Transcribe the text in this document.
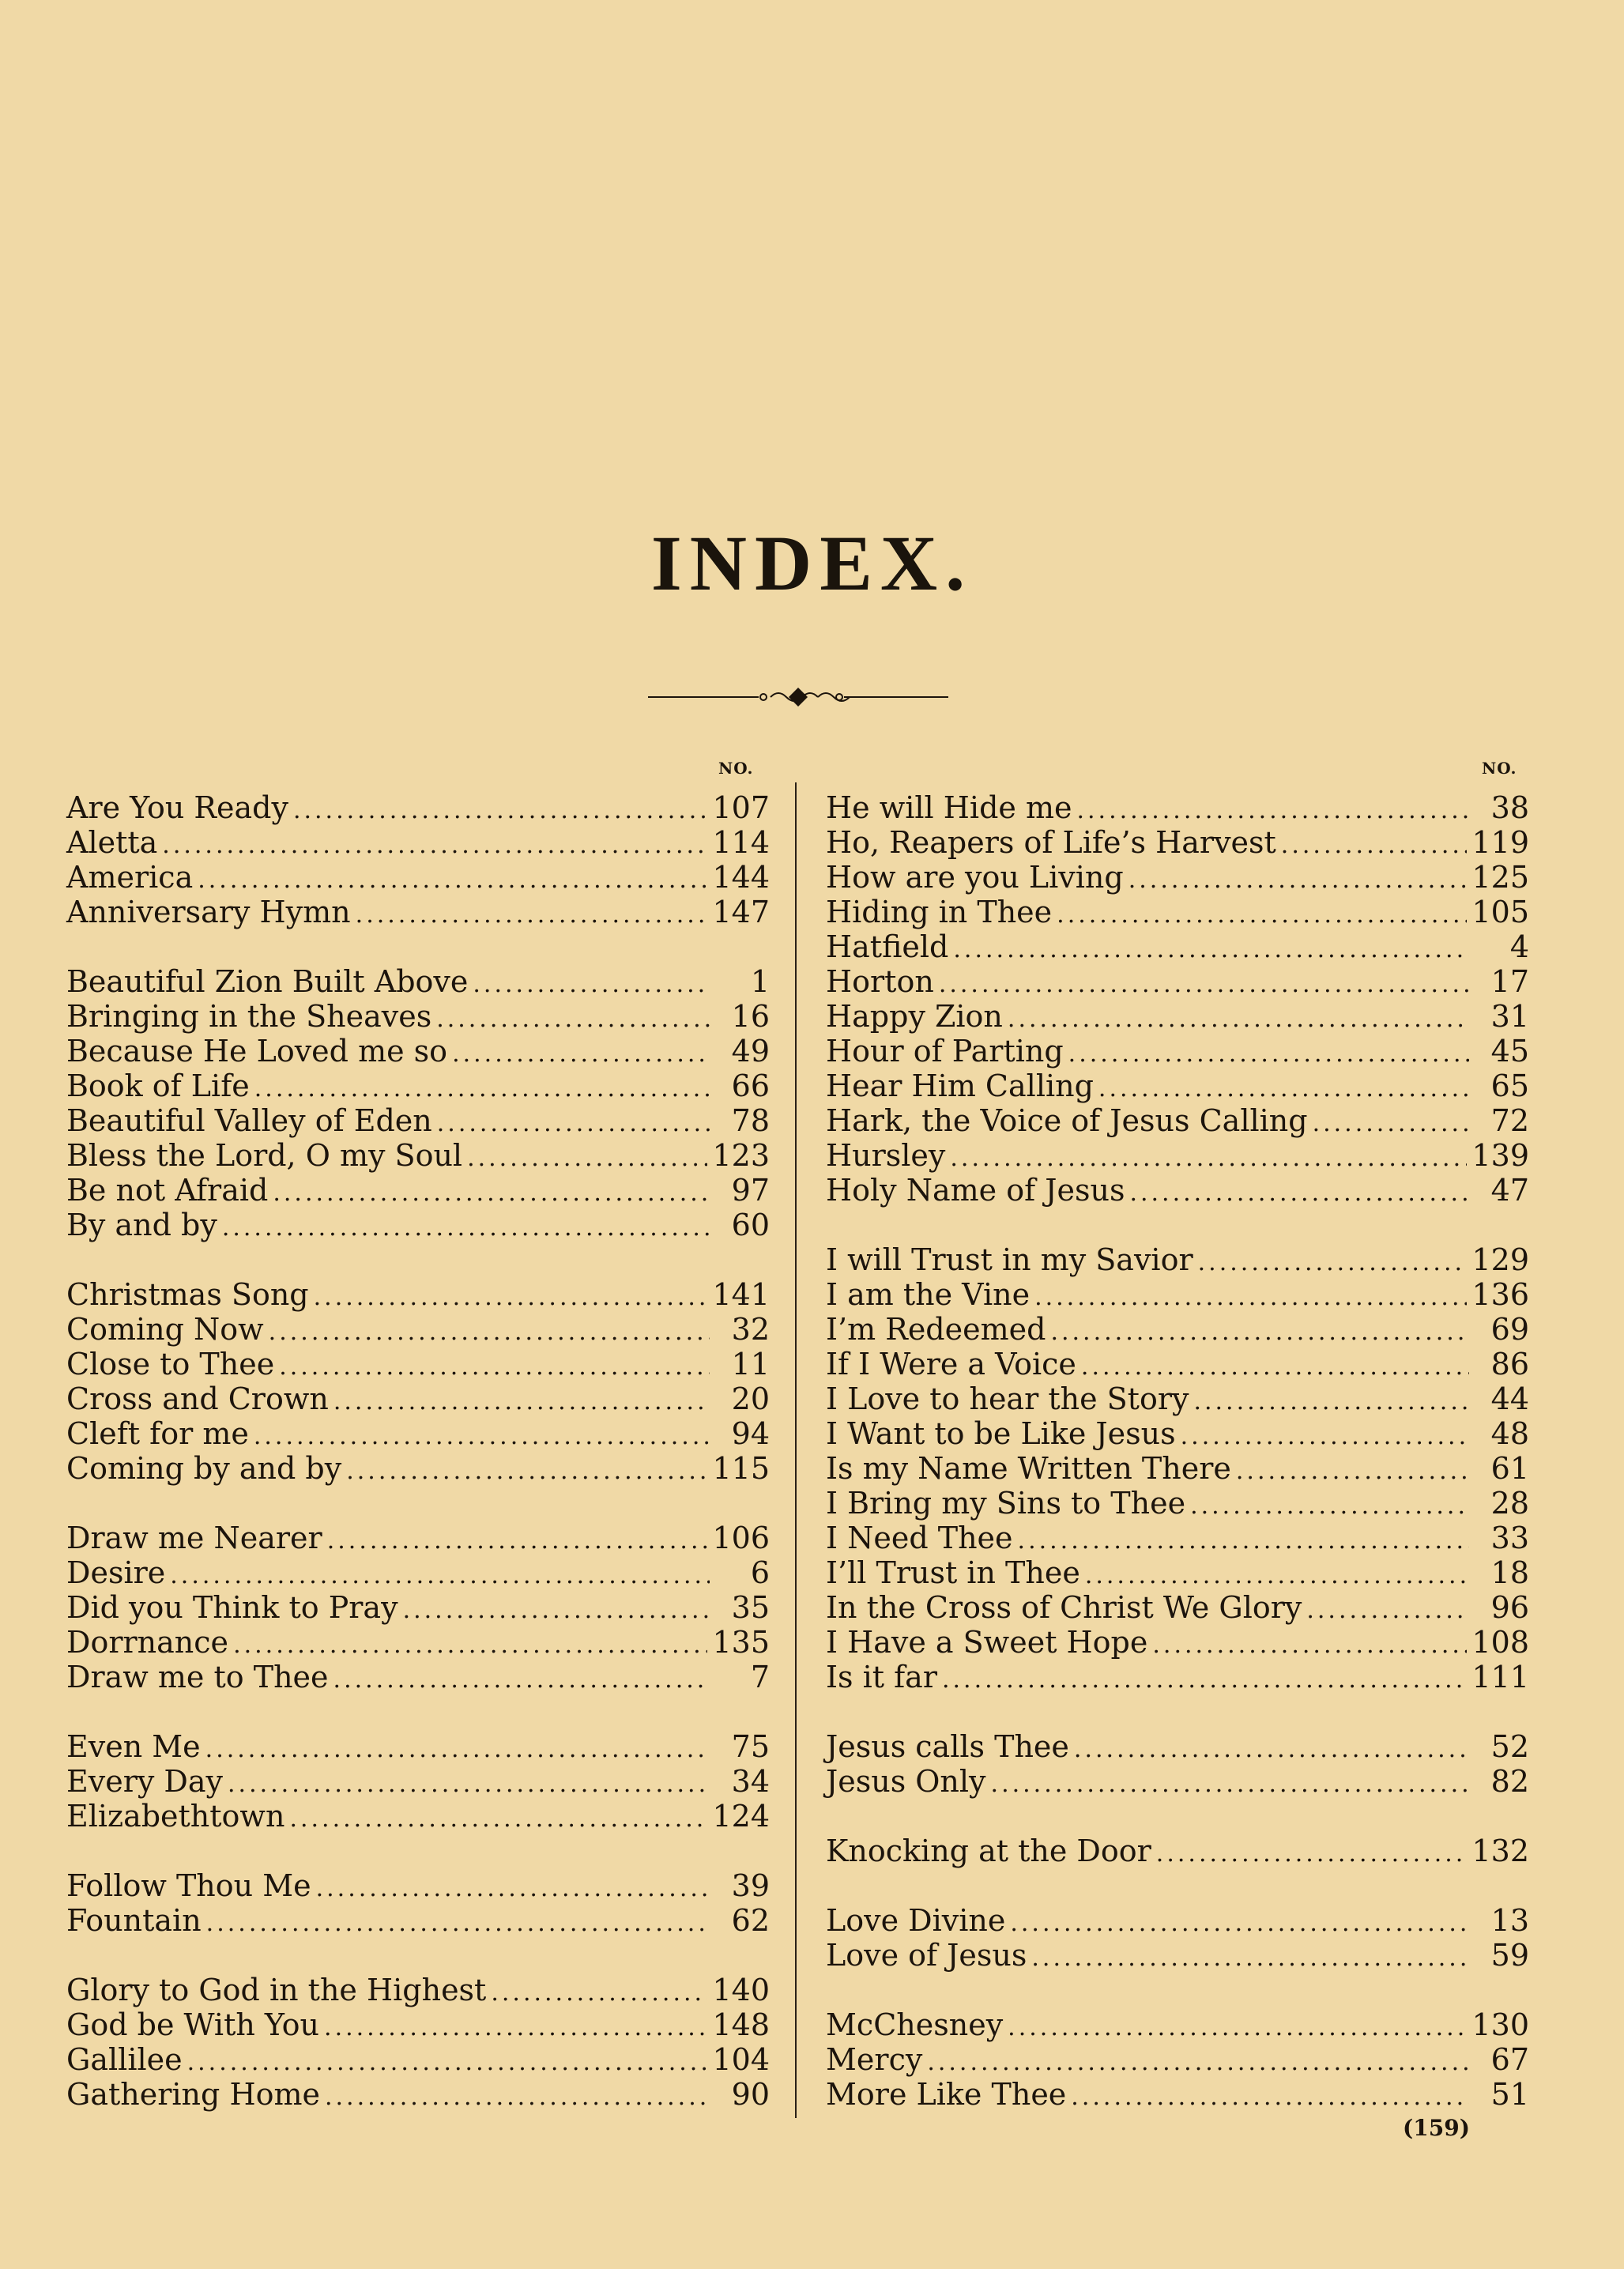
INDEX.
NO.
Are You Ready .....	107
Aletta .....	114
America .....	144
Anniversary Hymn .....	147
Beautiful Zion Built Above .....	1
Bringing in the Sheaves .....	16
Because He Loved me so .....	49
Book of Life .....	66
Beautiful Valley of Eden .....	78
Bless the Lord, O my Soul .....	123
Be not Afraid .....	97
By and by .....	60
Christmas Song .....	141
Coming Now .....	32
Close to Thee .....	11
Cross and Crown .....	20
Cleft for me .....	94
Coming by and by .....	115
Draw me Nearer .....	106
Desire .....	6
Did you Think to Pray .....	35
Dorrnance .....	135
Draw me to Thee .....	7
Even Me .....	75
Every Day .....	34
Elizabethtown .....	124
Follow Thou Me .....	39
Fountain .....	62
Glory to God in the Highest .....	140
God be With You .....	148
Gallilee .....	104
Gathering Home .....	90
NO.
He will Hide me .....	38
Ho, Reapers of Life’s Harvest .....	119
How are you Living .....	125
Hiding in Thee .....	105
Hatfield .....	4
Horton .....	17
Happy Zion .....	31
Hour of Parting .....	45
Hear Him Calling .....	65
Hark, the Voice of Jesus Calling .....	72
Hursley .....	139
Holy Name of Jesus .....	47
I will Trust in my Savior .....	129
I am the Vine .....	136
I’m Redeemed .....	69
If I Were a Voice .....	86
I Love to hear the Story .....	44
I Want to be Like Jesus .....	48
Is my Name Written There .....	61
I Bring my Sins to Thee .....	28
I Need Thee .....	33
I’ll Trust in Thee .....	18
In the Cross of Christ We Glory .....	96
I Have a Sweet Hope .....	108
Is it far .....	111
Jesus calls Thee .....	52
Jesus Only .....	82
Knocking at the Door .....	132
Love Divine .....	13
Love of Jesus .....	59
McChesney .....	130
Mercy .....	67
More Like Thee .....	51
(159)
